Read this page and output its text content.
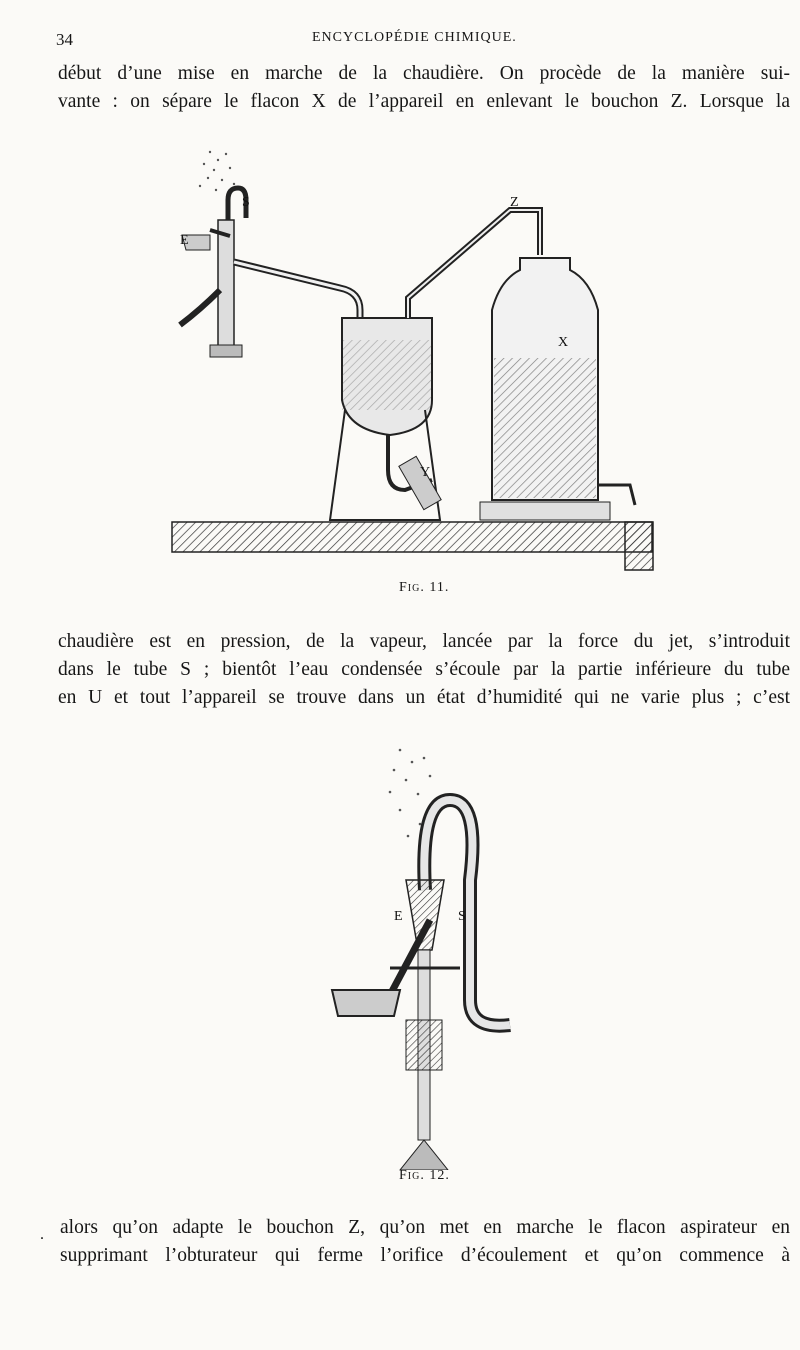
34	ENCYCLOPÉDIE CHIMIQUE.
début d’une mise en marche de la chaudière. On procède de la manière sui-
vante : on sépare le flacon X de l’appareil en enlevant le bouchon Z. Lorsque la
S
E
Z
X
Y
Fig. 11.
chaudière est en pression, de la vapeur, lancée par la force du jet, s’introduit
dans le tube S ; bientôt l’eau condensée s’écoule par la partie inférieure du tube
en U et tout l’appareil se trouve dans un état d’humidité qui ne varie plus ; c’est
E	S
Fig. 12.
. alors qu’on adapte le bouchon Z, qu’on met en marche le flacon aspirateur en
supprimant l’obturateur qui ferme l’orifice d’écoulement et qu’on commence à
